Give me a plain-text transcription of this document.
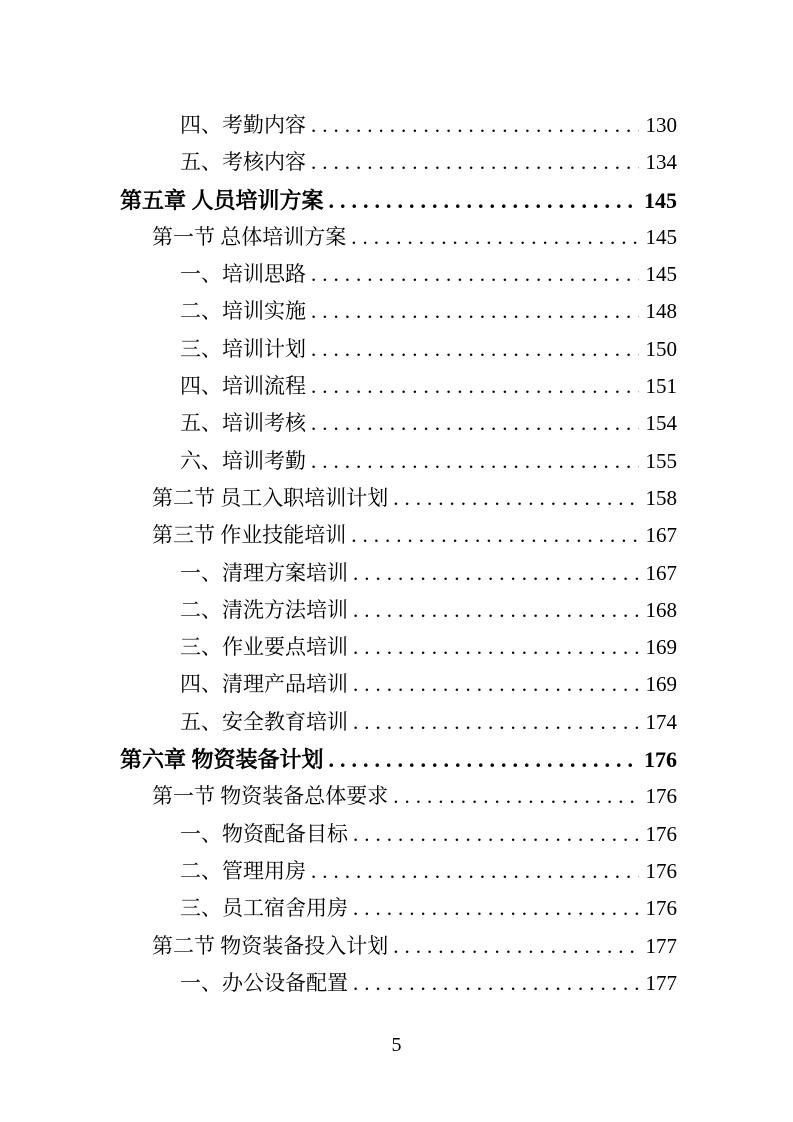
四、考勤内容 .....	130
五、考核内容 .....	134
第五章 人员培训方案 .....	145
第一节 总体培训方案 .....	145
一、培训思路 .....	145
二、培训实施 .....	148
三、培训计划 .....	150
四、培训流程 .....	151
五、培训考核 .....	154
六、培训考勤 .....	155
第二节 员工入职培训计划 .....	158
第三节 作业技能培训 .....	167
一、清理方案培训 .....	167
二、清洗方法培训 .....	168
三、作业要点培训 .....	169
四、清理产品培训 .....	169
五、安全教育培训 .....	174
第六章 物资装备计划 .....	176
第一节 物资装备总体要求 .....	176
一、物资配备目标 .....	176
二、管理用房 .....	176
三、员工宿舍用房 .....	176
第二节 物资装备投入计划 .....	177
一、办公设备配置 .....	177
5
